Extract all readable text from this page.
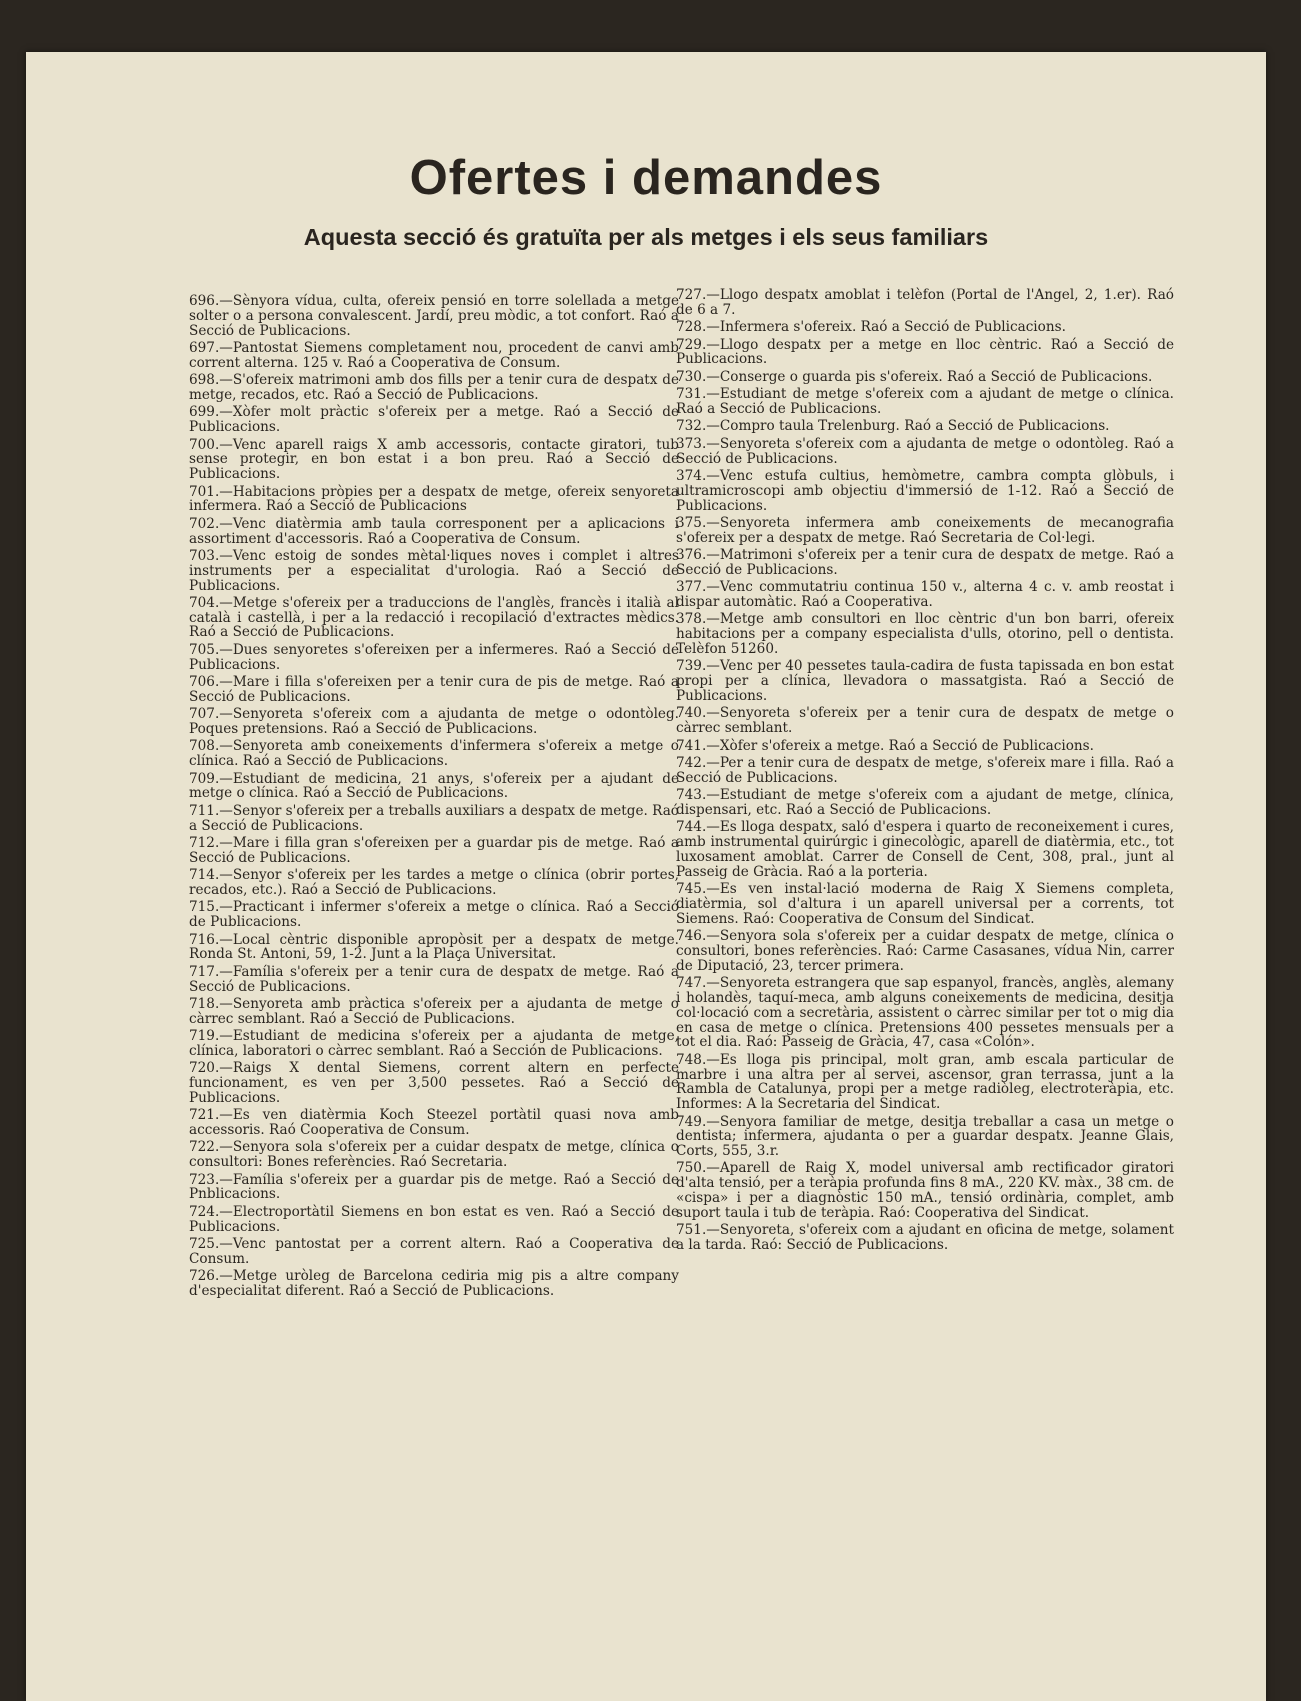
Ofertes i demandes
Aquesta secció és gratuïta per als metges i els seus familiars

696.—Sènyora vídua, culta, ofereix pensió en torre solellada a metge solter o a persona convalescent. Jardí, preu mòdic, a tot confort. Raó a Secció de Publicacions.

697.—Pantostat Siemens completament nou, procedent de canvi amb corrent alterna. 125 v. Raó a Cooperativa de Consum.

698.—S'ofereix matrimoni amb dos fills per a tenir cura de despatx de metge, recados, etc. Raó a Secció de Publicacions.

699.—Xòfer molt pràctic s'ofereix per a metge. Raó a Secció de Publicacions.

700.—Venc aparell raigs X amb accessoris, contacte giratori, tub sense protegir, en bon estat i a bon preu. Raó a Secció de Publicacions.

701.—Habitacions pròpies per a despatx de metge, ofereix senyoreta infermera. Raó a Secció de Publicacions

702.—Venc diatèrmia amb taula corresponent per a aplicacions i assortiment d'accessoris. Raó a Cooperativa de Consum.

703.—Venc estoig de sondes mètal·liques noves i complet i altres instruments per a especialitat d'urologia. Raó a Secció de Publicacions.

704.—Metge s'ofereix per a traduccions de l'anglès, francès i italià al català i castellà, i per a la redacció i recopilació d'extractes mèdics. Raó a Secció de Publicacions.

705.—Dues senyoretes s'ofereixen per a infermeres. Raó a Secció de Publicacions.

706.—Mare i filla s'ofereixen per a tenir cura de pis de metge. Raó a Secció de Publicacions.

707.—Senyoreta s'ofereix com a ajudanta de metge o odontòleg. Poques pretensions. Raó a Secció de Publicacions.

708.—Senyoreta amb coneixements d'infermera s'ofereix a metge o clínica. Raó a Secció de Publicacions.

709.—Estudiant de medicina, 21 anys, s'ofereix per a ajudant de metge o clínica. Raó a Secció de Publicacions.

711.—Senyor s'ofereix per a treballs auxiliars a despatx de metge. Raó a Secció de Publicacions.

712.—Mare i filla gran s'ofereixen per a guardar pis de metge. Raó a Secció de Publicacions.

714.—Senyor s'ofereix per les tardes a metge o clínica (obrir portes, recados, etc.). Raó a Secció de Publicacions.

715.—Practicant i infermer s'ofereix a metge o clínica. Raó a Secció de Publicacions.

716.—Local cèntric disponible apropòsit per a despatx de metge. Ronda St. Antoni, 59, 1-2. Junt a la Plaça Universitat.

717.—Família s'ofereix per a tenir cura de despatx de metge. Raó a Secció de Publicacions.

718.—Senyoreta amb pràctica s'ofereix per a ajudanta de metge o càrrec semblant. Raó a Secció de Publicacions.

719.—Estudiant de medicina s'ofereix per a ajudanta de metge, clínica, laboratori o càrrec semblant. Raó a Sección de Publicacions.

720.—Raigs X dental Siemens, corrent altern en perfecte funcionament, es ven per 3,500 pessetes. Raó a Secció de Publicacions.

721.—Es ven diatèrmia Koch Steezel portàtil quasi nova amb accessoris. Raó Cooperativa de Consum.

722.—Senyora sola s'ofereix per a cuidar despatx de metge, clínica o consultori: Bones referències. Raó Secretaria.

723.—Família s'ofereix per a guardar pis de metge. Raó a Secció de Pnblicacions.

724.—Electroportàtil Siemens en bon estat es ven. Raó a Secció de Publicacions.

725.—Venc pantostat per a corrent altern. Raó a Cooperativa de Consum.

726.—Metge uròleg de Barcelona cediria mig pis a altre company d'especialitat diferent. Raó a Secció de Publicacions.

727.—Llogo despatx amoblat i telèfon (Portal de l'Angel, 2, 1.er). Raó de 6 a 7.

728.—Infermera s'ofereix. Raó a Secció de Publicacions.

729.—Llogo despatx per a metge en lloc cèntric. Raó a Secció de Publicacions.

730.—Conserge o guarda pis s'ofereix. Raó a Secció de Publicacions.

731.—Estudiant de metge s'ofereix com a ajudant de metge o clínica. Raó a Secció de Publicacions.

732.—Compro taula Trelenburg. Raó a Secció de Publicacions.

373.—Senyoreta s'ofereix com a ajudanta de metge o odontòleg. Raó a Secció de Publicacions.

374.—Venc estufa cultius, hemòmetre, cambra compta glòbuls, i ultramicroscopi amb objectiu d'immersió de 1-12. Raó a Secció de Publicacions.

375.—Senyoreta infermera amb coneixements de mecanografia s'ofereix per a despatx de metge. Raó Secretaria de Col·legi.

376.—Matrimoni s'ofereix per a tenir cura de despatx de metge. Raó a Secció de Publicacions.

377.—Venc commutatriu continua 150 v., alterna 4 c. v. amb reostat i dispar automàtic. Raó a Cooperativa.

378.—Metge amb consultori en lloc cèntric d'un bon barri, ofereix habitacions per a company especialista d'ulls, otorino, pell o dentista. Telèfon 51260.

739.—Venc per 40 pessetes taula-cadira de fusta tapissada en bon estat propi per a clínica, llevadora o massatgista. Raó a Secció de Publicacions.

740.—Senyoreta s'ofereix per a tenir cura de despatx de metge o càrrec semblant.

741.—Xòfer s'ofereix a metge. Raó a Secció de Publicacions.

742.—Per a tenir cura de despatx de metge, s'ofereix mare i filla. Raó a Secció de Publicacions.

743.—Estudiant de metge s'ofereix com a ajudant de metge, clínica, dispensari, etc. Raó a Secció de Publicacions.

744.—Es lloga despatx, saló d'espera i quarto de reconeixement i cures, amb instrumental quirúrgic i ginecològic, aparell de diatèrmia, etc., tot luxosament amoblat. Carrer de Consell de Cent, 308, pral., junt al Passeig de Gràcia. Raó a la porteria.

745.—Es ven instal·lació moderna de Raig X Siemens completa, diatèrmia, sol d'altura i un aparell universal per a corrents, tot Siemens. Raó: Cooperativa de Consum del Sindicat.

746.—Senyora sola s'ofereix per a cuidar despatx de metge, clínica o consultori, bones referències. Raó: Carme Casasanes, vídua Nin, carrer de Diputació, 23, tercer primera.

747.—Senyoreta estrangera que sap espanyol, francès, anglès, alemany i holandès, taquí-meca, amb alguns coneixements de medicina, desitja col·locació com a secretària, assistent o càrrec similar per tot o mig dia en casa de metge o clínica. Pretensions 400 pessetes mensuals per a tot el dia. Raó: Passeig de Gràcia, 47, casa «Colón».

748.—Es lloga pis principal, molt gran, amb escala particular de marbre i una altra per al servei, ascensor, gran terrassa, junt a la Rambla de Catalunya, propi per a metge radiòleg, electroteràpia, etc. Informes: A la Secretaria del Sindicat.

749.—Senyora familiar de metge, desitja treballar a casa un metge o dentista; infermera, ajudanta o per a guardar despatx. Jeanne Glais, Corts, 555, 3.r.

750.—Aparell de Raig X, model universal amb rectificador giratori d'alta tensió, per a teràpia profunda fins 8 mA., 220 KV. màx., 38 cm. de «cispa» i per a diagnòstic 150 mA., tensió ordinària, complet, amb suport taula i tub de teràpia. Raó: Cooperativa del Sindicat.

751.—Senyoreta, s'ofereix com a ajudant en oficina de metge, solament a la tarda. Raó: Secció de Publicacions.
